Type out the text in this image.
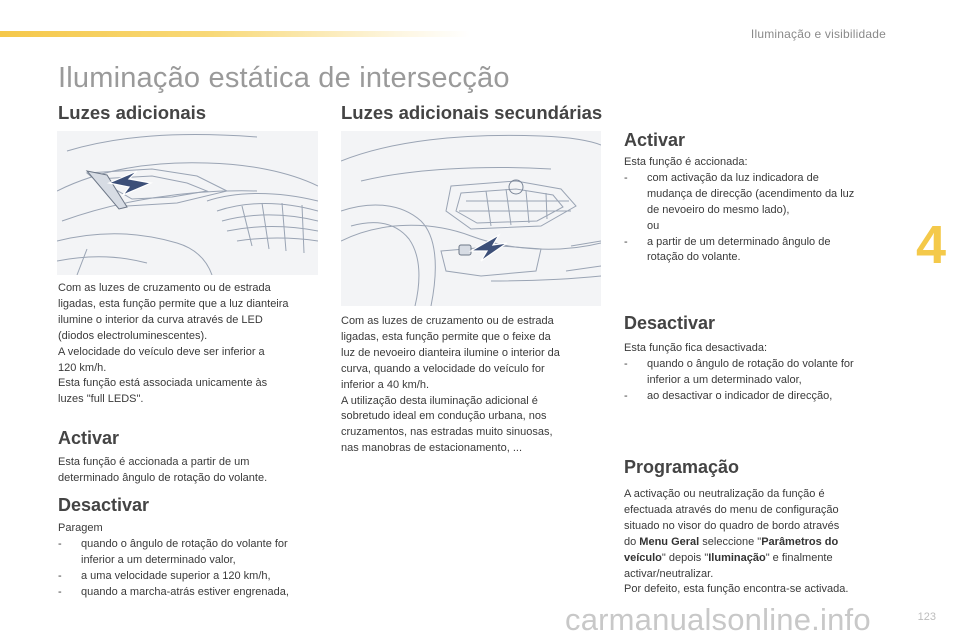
Iluminação e visibilidade
Iluminação estática de intersecção
Luzes adicionais

Com as luzes de cruzamento ou de estrada

ligadas, esta função permite que a luz dianteira

ilumine o interior da curva através de LED

(diodos electroluminescentes).

A velocidade do veículo deve ser inferior a

120 km/h.

Esta função está associada unicamente às

luzes "full LEDS".

Activar

Esta função é accionada a partir de um

determinado ângulo de rotação do volante.

Desactivar

Paragem

- quando o ângulo de rotação do volante for
inferior a um determinado valor,
- a uma velocidade superior a 120 km/h,
- quando a marcha-atrás estiver engrenada,
Luzes adicionais secundárias

Com as luzes de cruzamento ou de estrada

ligadas, esta função permite que o feixe da

luz de nevoeiro dianteira ilumine o interior da

curva, quando a velocidade do veículo for

inferior a 40 km/h.

A utilização desta iluminação adicional é

sobretudo ideal em condução urbana, nos

cruzamentos, nas estradas muito sinuosas,

nas manobras de estacionamento, ...

Activar

Esta função é accionada:

- com activação da luz indicadora de
mudança de direcção (acendimento da luz
de nevoeiro do mesmo lado),
ou
- a partir de um determinado ângulo de
rotação do volante.
Desactivar

Esta função fica desactivada:

- quando o ângulo de rotação do volante for
inferior a um determinado valor,
- ao desactivar o indicador de direcção,
Programação

A activação ou neutralização da função é

efectuada através do menu de configuração

situado no visor do quadro de bordo através

do Menu Geral seleccione "Parâmetros do

veículo" depois "Iluminação" e finalmente

activar/neutralizar.

Por defeito, esta função encontra-se activada.

4
carmanualsonline.info	123
